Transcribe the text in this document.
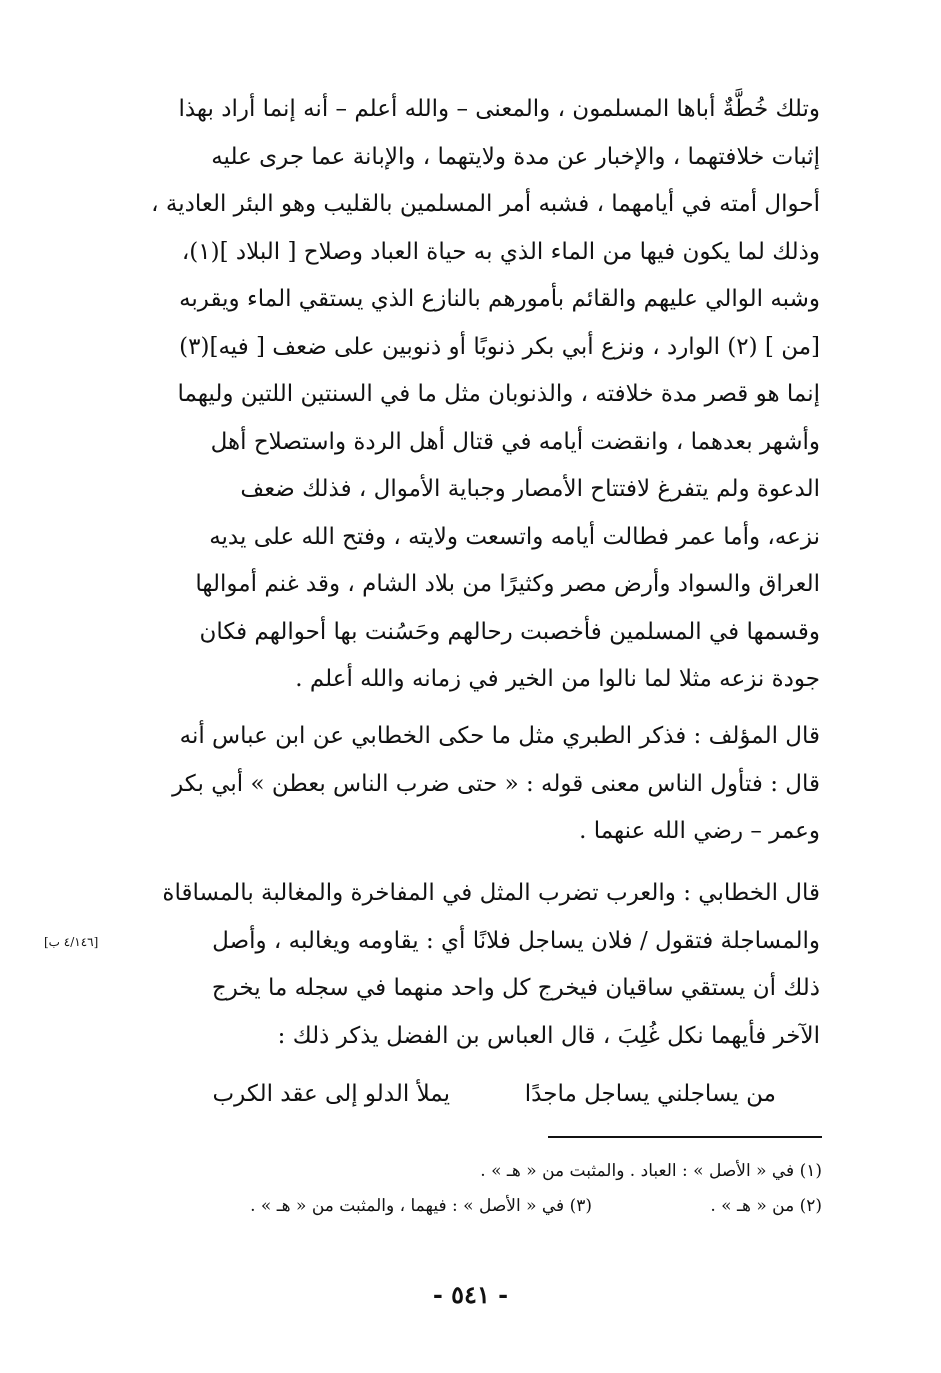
وتلك خُطَّةٌ أباها المسلمون ، والمعنى – والله أعلم – أنه إنما أراد بهذا

إثبات خلافتهما ، والإخبار عن مدة ولايتهما ، والإبانة عما جرى عليه

أحوال أمته في أيامهما ، فشبه أمر المسلمين بالقليب وهو البئر العادية ،

وذلك لما يكون فيها من الماء الذي به حياة العباد وصلاح [ البلاد ](١)،

وشبه الوالي عليهم والقائم بأمورهم بالنازع الذي يستقي الماء ويقربه

[من ] (٢) الوارد ، ونزع أبي بكر ذنوبًا أو ذنوبين على ضعف [ فيه](٣)

إنما هو قصر مدة خلافته ، والذنوبان مثل ما في السنتين اللتين وليهما

وأشهر بعدهما ، وانقضت أيامه في قتال أهل الردة واستصلاح أهل

الدعوة ولم يتفرغ لافتتاح الأمصار وجباية الأموال ، فذلك ضعف

نزعه، وأما عمر فطالت أيامه واتسعت ولايته ، وفتح الله على يديه

العراق والسواد وأرض مصر وكثيرًا من بلاد الشام ، وقد غنم أموالها

وقسمها في المسلمين فأخصبت رحالهم وحَسُنت بها أحوالهم فكان

جودة نزعه مثلا لما نالوا من الخير في زمانه والله أعلم .

قال المؤلف : فذكر الطبري مثل ما حكى الخطابي عن ابن عباس أنه

قال : فتأول الناس معنى قوله : « حتى ضرب الناس بعطن » أبي بكر

وعمر – رضي الله عنهما .

قال الخطابي : والعرب تضرب المثل في المفاخرة والمغالبة بالمساقاة

والمساجلة فتقول / فلان يساجل فلانًا أي : يقاومه ويغالبه ، وأصل

ذلك أن يستقي ساقيان فيخرج كل واحد منهما في سجله ما يخرج

الآخر فأيهما نكل غُلِبَ ، قال العباس بن الفضل يذكر ذلك :

[٤/١٤٦ ب]
من يساجلني يساجل ماجدًا
يملأ الدلو إلى عقد الكرب
(١) في « الأصل » : العباد . والمثبت من « هـ » .
(٢) من « هـ » .
(٣) في « الأصل » : فيهما ، والمثبت من « هـ » .
- ٥٤١ -
